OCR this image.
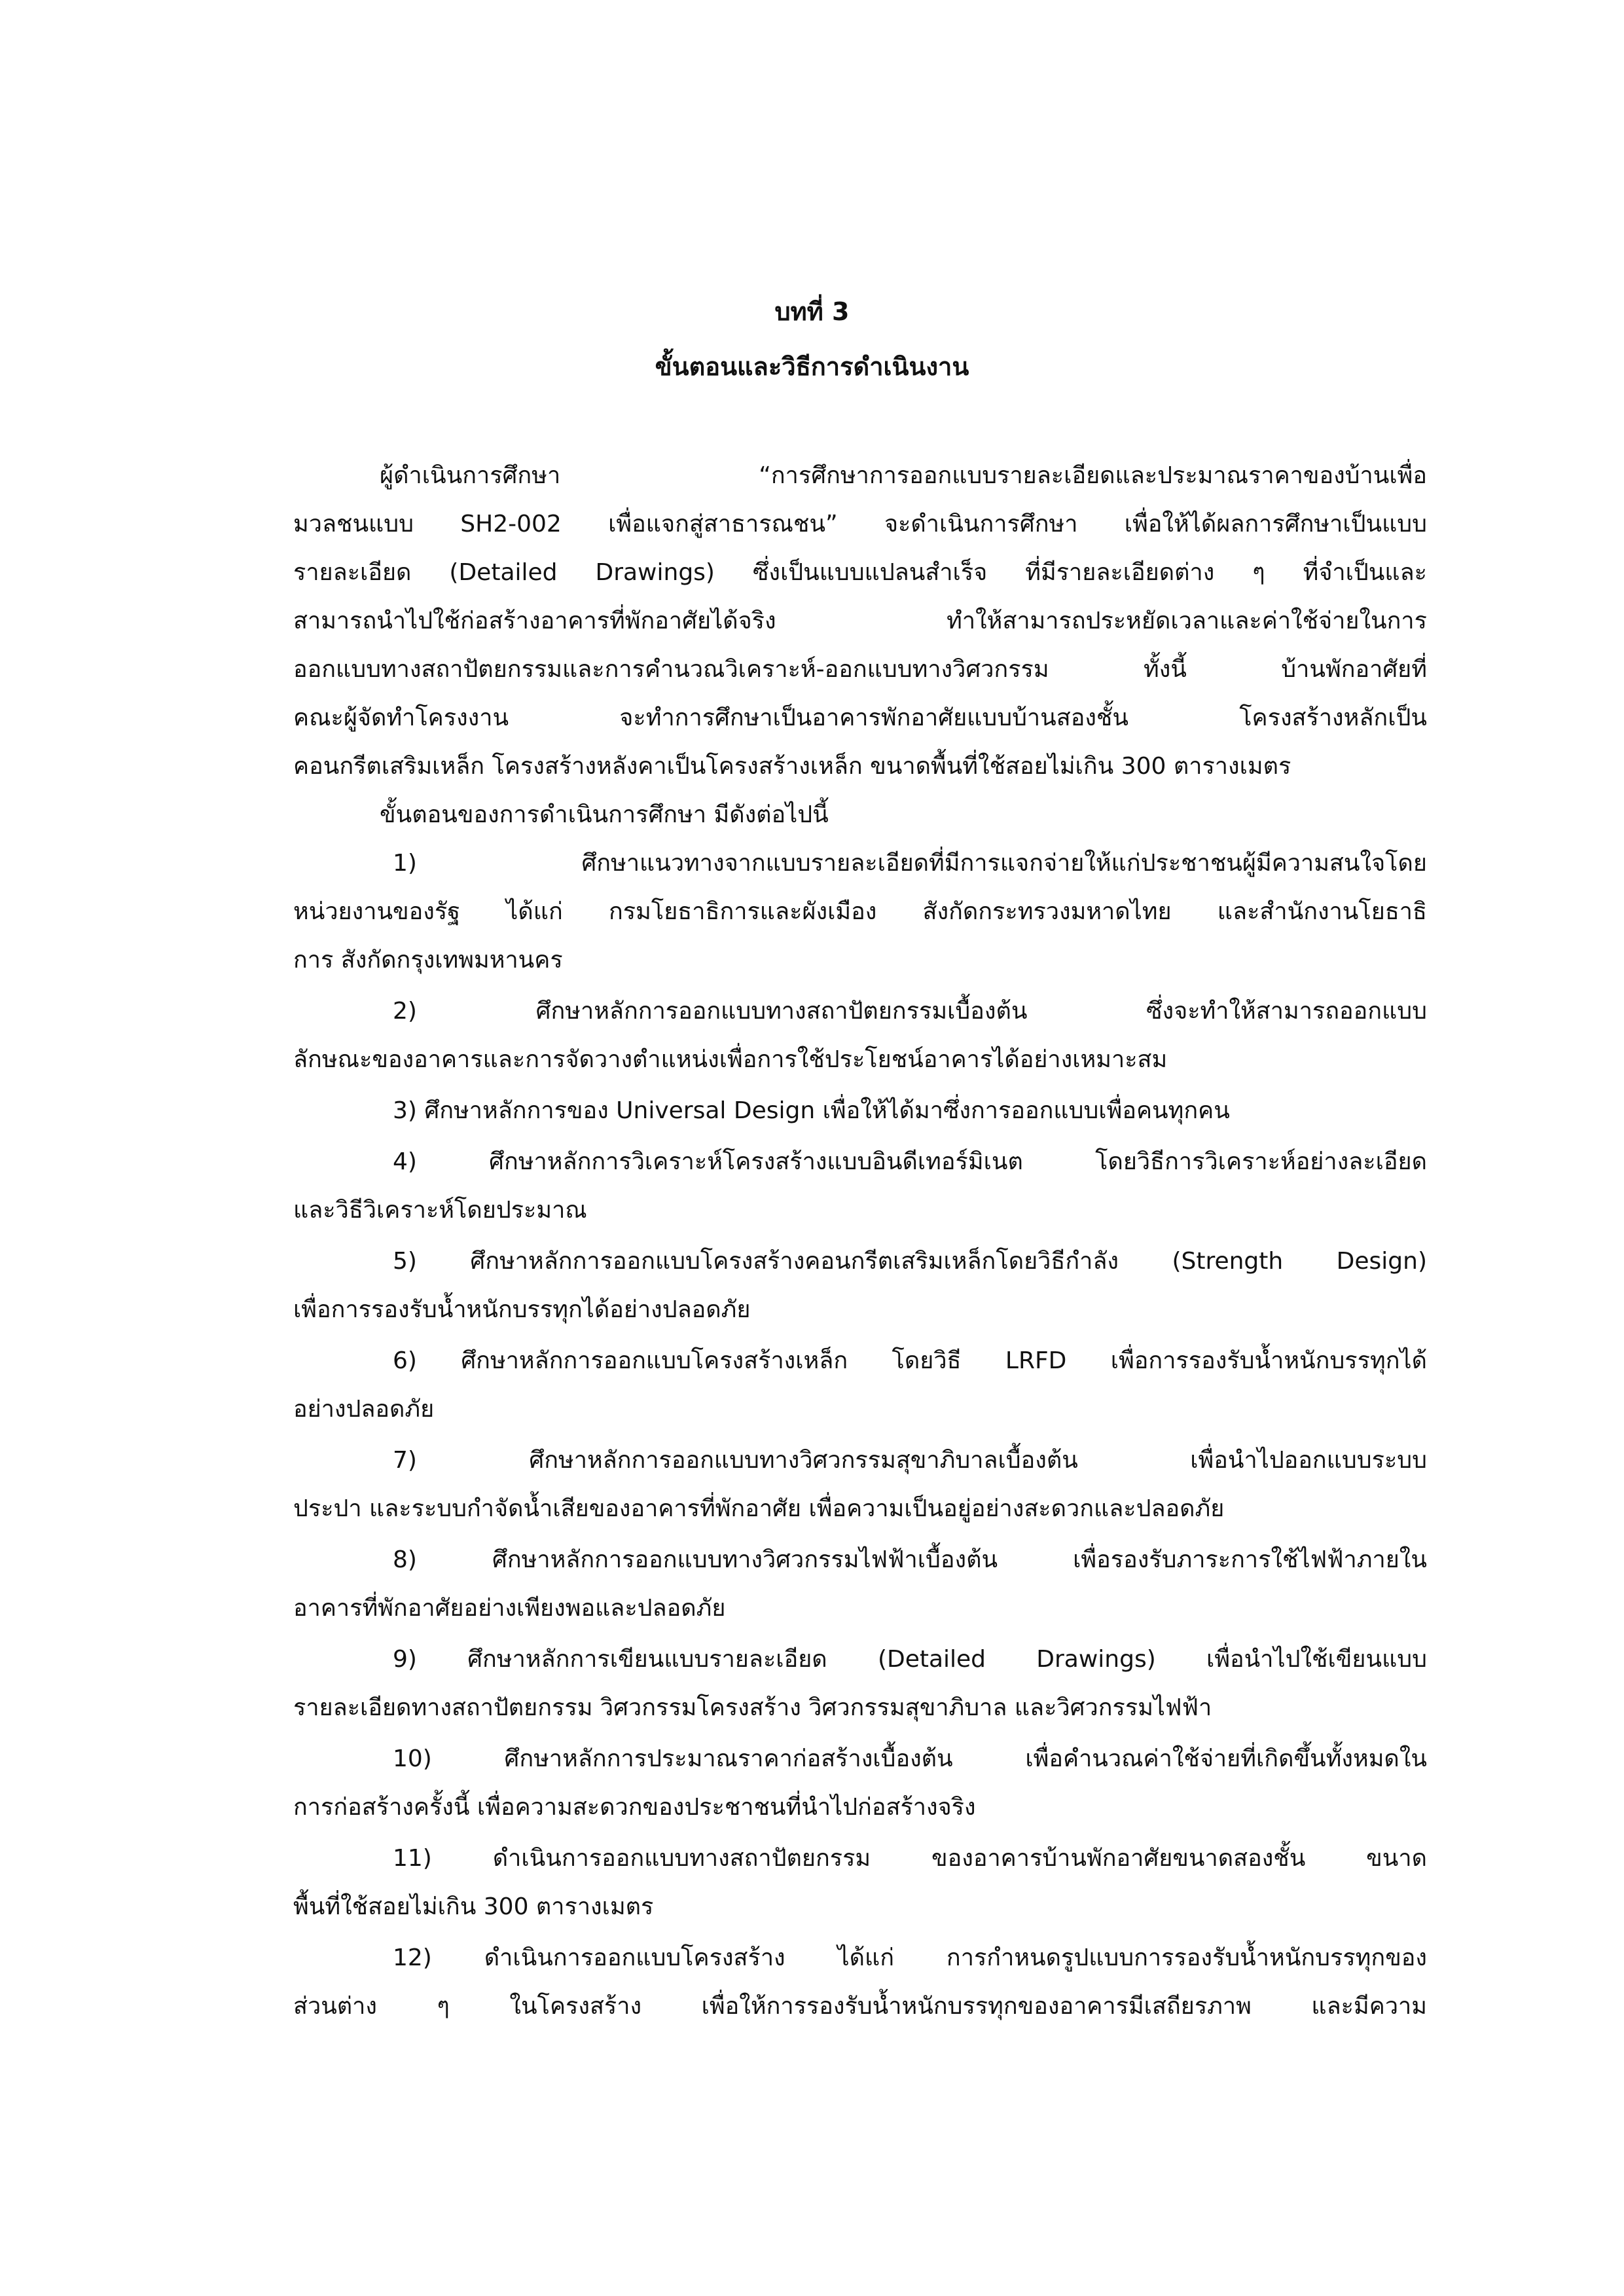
บทที่ 3
ขั้นตอนและวิธีการดำเนินงาน
ผู้ดำเนินการศึกษา “การศึกษาการออกแบบรายละเอียดและประมาณราคาของบ้านเพื่อ
มวลชนแบบ SH2-002 เพื่อแจกสู่สาธารณชน” จะดำเนินการศึกษา เพื่อให้ได้ผลการศึกษาเป็นแบบ
รายละเอียด (Detailed Drawings) ซึ่งเป็นแบบแปลนสำเร็จ ที่มีรายละเอียดต่าง ๆ ที่จำเป็นและ
สามารถนำไปใช้ก่อสร้างอาคารที่พักอาศัยได้จริง ทำให้สามารถประหยัดเวลาและค่าใช้จ่ายในการ
ออกแบบทางสถาปัตยกรรมและการคำนวณวิเคราะห์-ออกแบบทางวิศวกรรม ทั้งนี้ บ้านพักอาศัยที่
คณะผู้จัดทำโครงงาน จะทำการศึกษาเป็นอาคารพักอาศัยแบบบ้านสองชั้น โครงสร้างหลักเป็น
คอนกรีตเสริมเหล็ก โครงสร้างหลังคาเป็นโครงสร้างเหล็ก ขนาดพื้นที่ใช้สอยไม่เกิน 300 ตารางเมตร
ขั้นตอนของการดำเนินการศึกษา มีดังต่อไปนี้
1) ศึกษาแนวทางจากแบบรายละเอียดที่มีการแจกจ่ายให้แก่ประชาชนผู้มีความสนใจโดย
หน่วยงานของรัฐ ได้แก่ กรมโยธาธิการและผังเมือง สังกัดกระทรวงมหาดไทย และสำนักงานโยธาธิ
การ สังกัดกรุงเทพมหานคร
2) ศึกษาหลักการออกแบบทางสถาปัตยกรรมเบื้องต้น ซึ่งจะทำให้สามารถออกแบบ
ลักษณะของอาคารและการจัดวางตำแหน่งเพื่อการใช้ประโยชน์อาคารได้อย่างเหมาะสม
3) ศึกษาหลักการของ Universal Design เพื่อให้ได้มาซึ่งการออกแบบเพื่อคนทุกคน
4) ศึกษาหลักการวิเคราะห์โครงสร้างแบบอินดีเทอร์มิเนต โดยวิธีการวิเคราะห์อย่างละเอียด
และวิธีวิเคราะห์โดยประมาณ
5) ศึกษาหลักการออกแบบโครงสร้างคอนกรีตเสริมเหล็กโดยวิธีกำลัง (Strength Design)
เพื่อการรองรับน้ำหนักบรรทุกได้อย่างปลอดภัย
6) ศึกษาหลักการออกแบบโครงสร้างเหล็ก โดยวิธี LRFD เพื่อการรองรับน้ำหนักบรรทุกได้
อย่างปลอดภัย
7) ศึกษาหลักการออกแบบทางวิศวกรรมสุขาภิบาลเบื้องต้น เพื่อนำไปออกแบบระบบ
ประปา และระบบกำจัดน้ำเสียของอาคารที่พักอาศัย เพื่อความเป็นอยู่อย่างสะดวกและปลอดภัย
8) ศึกษาหลักการออกแบบทางวิศวกรรมไฟฟ้าเบื้องต้น เพื่อรองรับภาระการใช้ไฟฟ้าภายใน
อาคารที่พักอาศัยอย่างเพียงพอและปลอดภัย
9) ศึกษาหลักการเขียนแบบรายละเอียด (Detailed Drawings) เพื่อนำไปใช้เขียนแบบ
รายละเอียดทางสถาปัตยกรรม วิศวกรรมโครงสร้าง วิศวกรรมสุขาภิบาล และวิศวกรรมไฟฟ้า
10) ศึกษาหลักการประมาณราคาก่อสร้างเบื้องต้น เพื่อคำนวณค่าใช้จ่ายที่เกิดขึ้นทั้งหมดใน
การก่อสร้างครั้งนี้ เพื่อความสะดวกของประชาชนที่นำไปก่อสร้างจริง
11) ดำเนินการออกแบบทางสถาปัตยกรรม ของอาคารบ้านพักอาศัยขนาดสองชั้น ขนาด
พื้นที่ใช้สอยไม่เกิน 300 ตารางเมตร
12) ดำเนินการออกแบบโครงสร้าง ได้แก่ การกำหนดรูปแบบการรองรับน้ำหนักบรรทุกของ
ส่วนต่าง ๆ ในโครงสร้าง เพื่อให้การรองรับน้ำหนักบรรทุกของอาคารมีเสถียรภาพ และมีความ
